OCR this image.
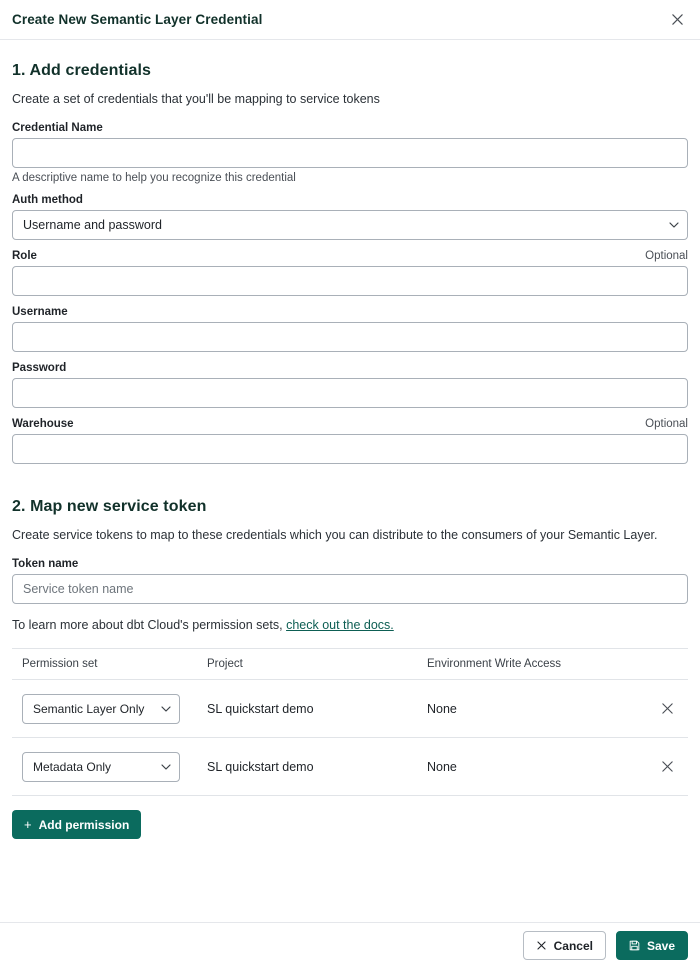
Create New Semantic Layer Credential
1. Add credentials

Create a set of credentials that you'll be mapping to service tokens

Credential Name
A descriptive name to help you recognize this credential
Auth method
Username and password
Role	Optional
Username
Password
Warehouse	Optional
2. Map new service token

Create service tokens to map to these credentials which you can distribute to the consumers of your Semantic Layer.

Token name
Service token name
To learn more about dbt Cloud's permission sets, check out the docs.
Permission set	Project	Environment Write Access
Semantic Layer Only	SL quickstart demo	None
Metadata Only	SL quickstart demo	None
+ Add permission
Cancel	Save
